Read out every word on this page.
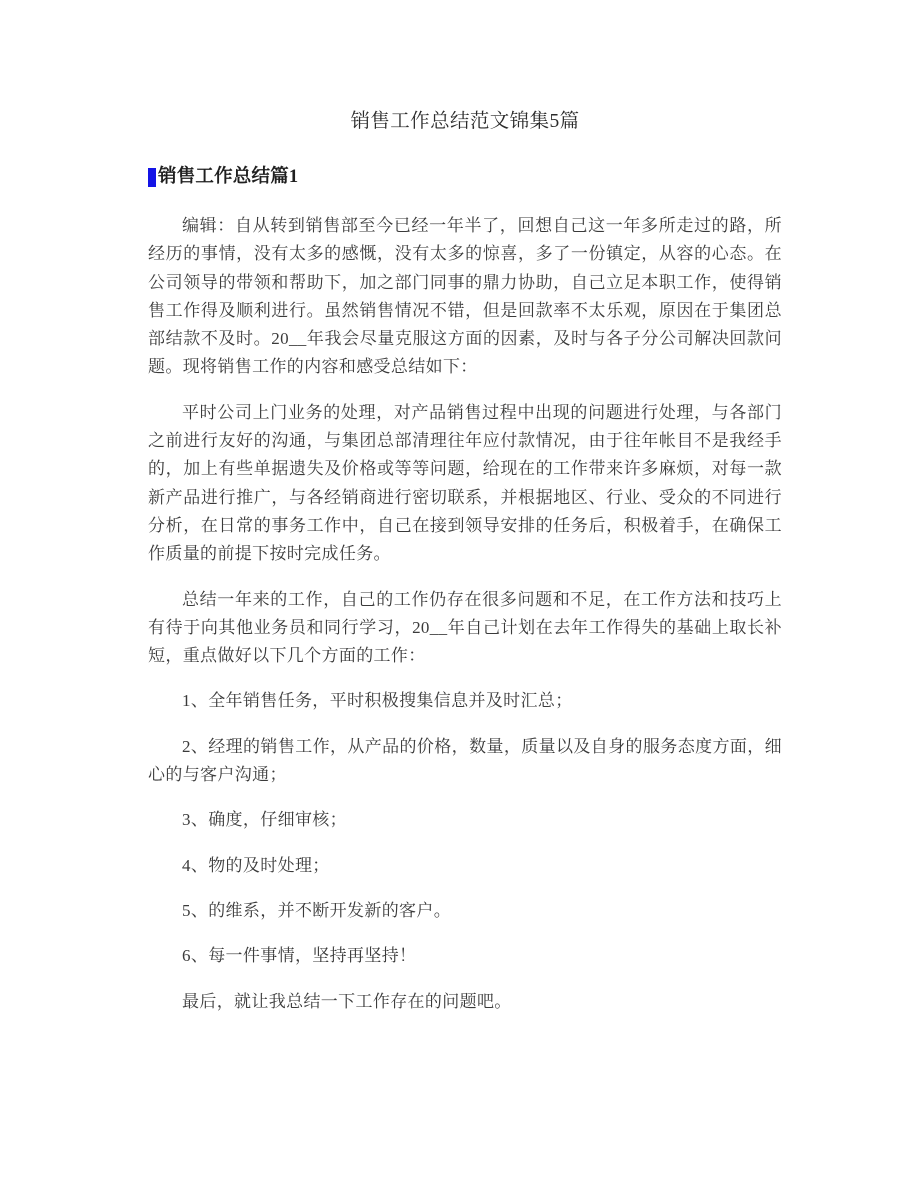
销售工作总结范文锦集5篇
销售工作总结篇1

编辑：自从转到销售部至今已经一年半了，回想自己这一年多所走过的路，所经历的事情，没有太多的感慨，没有太多的惊喜，多了一份镇定，从容的心态。在公司领导的带领和帮助下，加之部门同事的鼎力协助，自己立足本职工作，使得销售工作得及顺利进行。虽然销售情况不错，但是回款率不太乐观，原因在于集团总部结款不及时。20__年我会尽量克服这方面的因素，及时与各子分公司解决回款问题。现将销售工作的内容和感受总结如下：

平时公司上门业务的处理，对产品销售过程中出现的问题进行处理，与各部门之前进行友好的沟通，与集团总部清理往年应付款情况，由于往年帐目不是我经手的，加上有些单据遗失及价格或等等问题，给现在的工作带来许多麻烦，对每一款新产品进行推广，与各经销商进行密切联系，并根据地区、行业、受众的不同进行分析，在日常的事务工作中，自己在接到领导安排的任务后，积极着手，在确保工作质量的前提下按时完成任务。

总结一年来的工作，自己的工作仍存在很多问题和不足，在工作方法和技巧上有待于向其他业务员和同行学习，20__年自己计划在去年工作得失的基础上取长补短，重点做好以下几个方面的工作：

1、全年销售任务，平时积极搜集信息并及时汇总；

2、经理的销售工作，从产品的价格，数量，质量以及自身的服务态度方面，细心的与客户沟通；

3、确度，仔细审核；

4、物的及时处理；

5、的维系，并不断开发新的客户。

6、每一件事情，坚持再坚持！

最后，就让我总结一下工作存在的问题吧。
